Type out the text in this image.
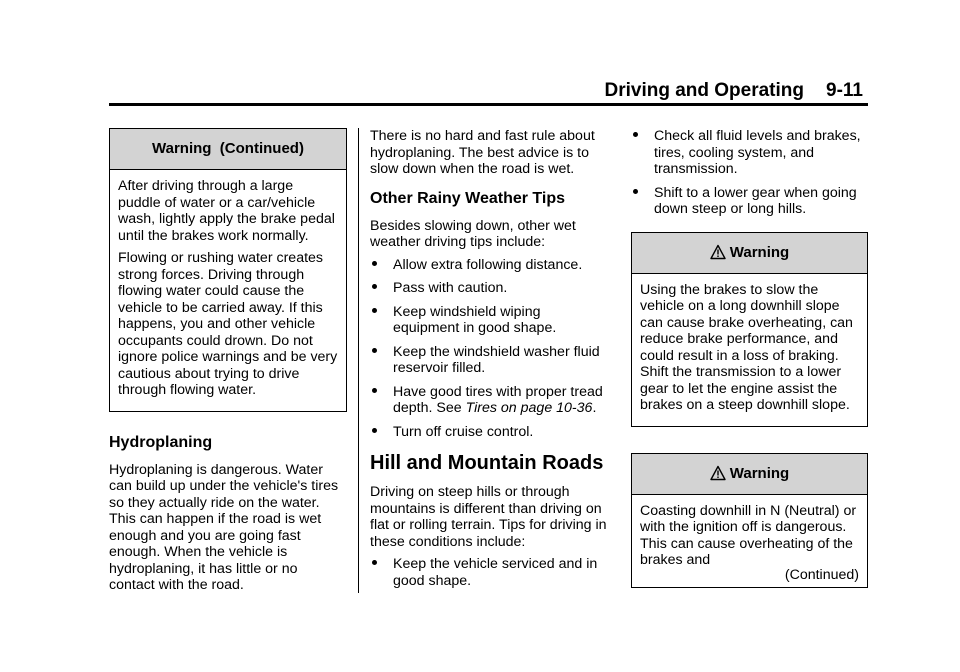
Driving and Operating 9-11
Warning  (Continued)

After driving through a large puddle of water or a car/vehicle wash, lightly apply the brake pedal until the brakes work normally.

Flowing or rushing water creates strong forces. Driving through flowing water could cause the vehicle to be carried away. If this happens, you and other vehicle occupants could drown. Do not ignore police warnings and be very cautious about trying to drive through flowing water.

Hydroplaning

Hydroplaning is dangerous. Water can build up under the vehicle's tires so they actually ride on the water. This can happen if the road is wet enough and you are going fast enough. When the vehicle is hydroplaning, it has little or no contact with the road.

There is no hard and fast rule about hydroplaning. The best advice is to slow down when the road is wet.

Other Rainy Weather Tips

Besides slowing down, other wet weather driving tips include:

Allow extra following distance.
Pass with caution.
Keep windshield wiping equipment in good shape.
Keep the windshield washer fluid reservoir filled.
Have good tires with proper tread depth. See Tires on page 10-36.
Turn off cruise control.
Hill and Mountain Roads

Driving on steep hills or through mountains is different than driving on flat or rolling terrain. Tips for driving in these conditions include:

Keep the vehicle serviced and in good shape.
Check all fluid levels and brakes, tires, cooling system, and transmission.
Shift to a lower gear when going down steep or long hills.
Warning

Using the brakes to slow the vehicle on a long downhill slope can cause brake overheating, can reduce brake performance, and could result in a loss of braking. Shift the transmission to a lower gear to let the engine assist the brakes on a steep downhill slope.

Warning

Coasting downhill in N (Neutral) or with the ignition off is dangerous. This can cause overheating of the brakes and

(Continued)
